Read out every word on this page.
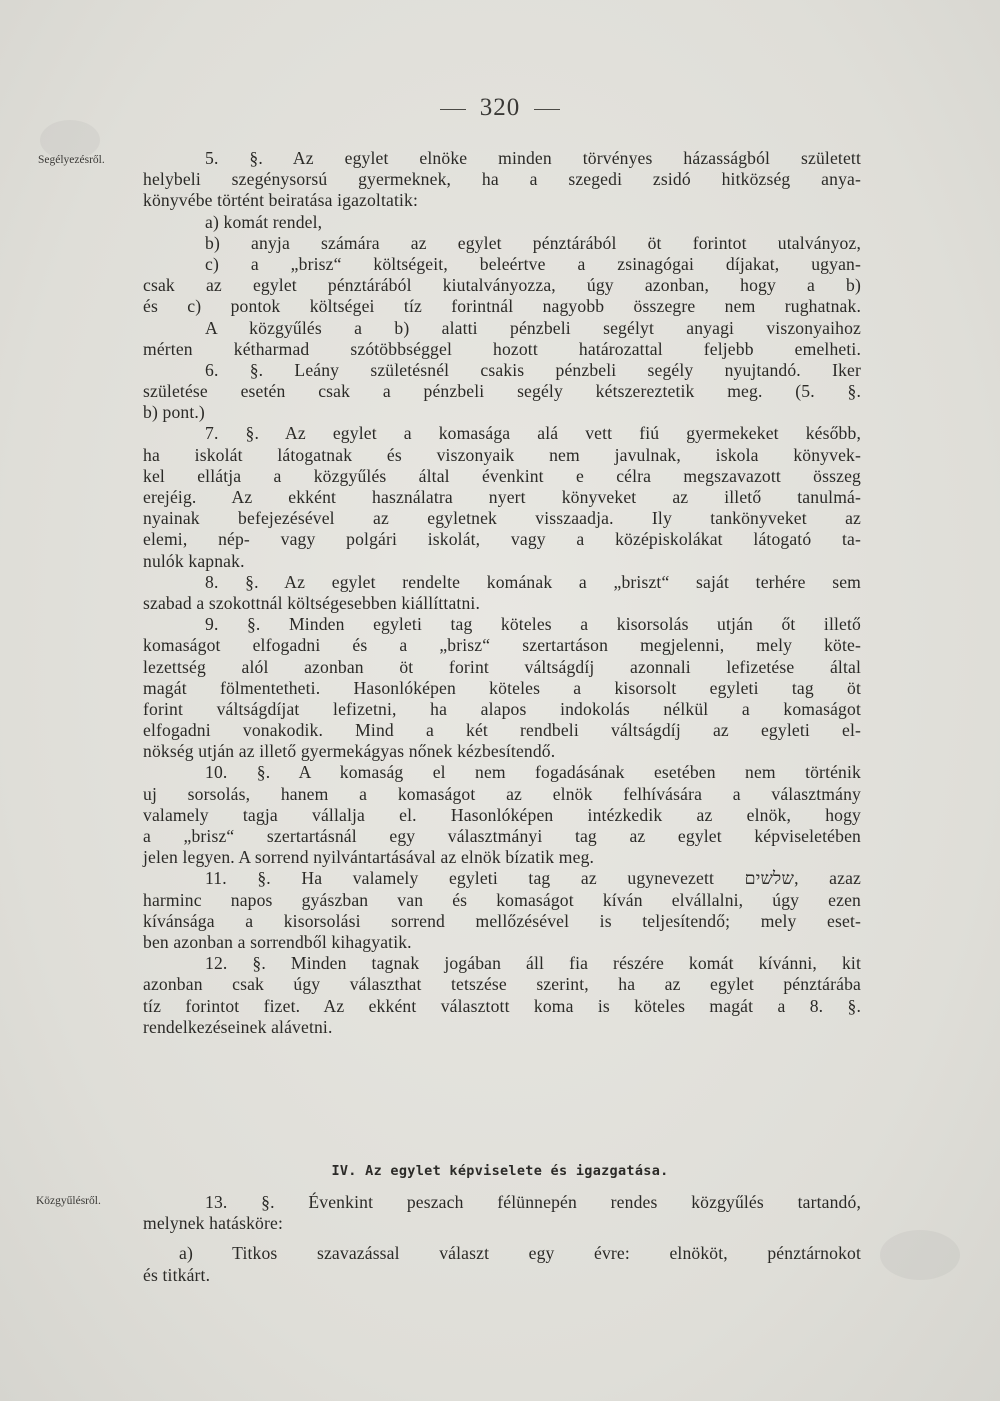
320
Segélyezésről.
Közgyűlésről.
5. §. Az egylet elnöke minden törvényes házasságból született
helybeli szegénysorsú gyermeknek, ha a szegedi zsidó hitközség anya-
könyvébe történt beiratása igazoltatik:
a) komát rendel,
b) anyja számára az egylet pénztárából öt forintot utalványoz,
c) a „brisz“ költségeit, beleértve a zsinagógai díjakat, ugyan-
csak az egylet pénztárából kiutalványozza, úgy azonban, hogy a b)
és c) pontok költségei tíz forintnál nagyobb összegre nem rughatnak.
A közgyűlés a b) alatti pénzbeli segélyt anyagi viszonyaihoz
mérten kétharmad szótöbbséggel hozott határozattal feljebb emelheti.
6. §. Leány születésnél csakis pénzbeli segély nyujtandó. Iker
születése esetén csak a pénzbeli segély kétszereztetik meg. (5. §.
b) pont.)
7. §. Az egylet a komasága alá vett fiú gyermekeket később,
ha iskolát látogatnak és viszonyaik nem javulnak, iskola könyvek-
kel ellátja a közgyűlés által évenkint e célra megszavazott összeg
erejéig. Az ekként használatra nyert könyveket az illető tanulmá-
nyainak befejezésével az egyletnek visszaadja. Ily tankönyveket az
elemi, nép- vagy polgári iskolát, vagy a középiskolákat látogató ta-
nulók kapnak.
8. §. Az egylet rendelte komának a „briszt“ saját terhére sem
szabad a szokottnál költségesebben kiállíttatni.
9. §. Minden egyleti tag köteles a kisorsolás utján őt illető
komaságot elfogadni és a „brisz“ szertartáson megjelenni, mely köte-
lezettség alól azonban öt forint váltságdíj azonnali lefizetése által
magát fölmentetheti. Hasonlóképen köteles a kisorsolt egyleti tag öt
forint váltságdíjat lefizetni, ha alapos indokolás nélkül a komaságot
elfogadni vonakodik. Mind a két rendbeli váltságdíj az egyleti el-
nökség utján az illető gyermekágyas nőnek kézbesítendő.
10. §. A komaság el nem fogadásának esetében nem történik
uj sorsolás, hanem a komaságot az elnök felhívására a választmány
valamely tagja vállalja el. Hasonlóképen intézkedik az elnök, hogy
a „brisz“ szertartásnál egy választmányi tag az egylet képviseletében
jelen legyen. A sorrend nyilvántartásával az elnök bízatik meg.
11. §. Ha valamely egyleti tag az ugynevezett שלשים, azaz
harminc napos gyászban van és komaságot kíván elvállalni, úgy ezen
kívánsága a kisorsolási sorrend mellőzésével is teljesítendő; mely eset-
ben azonban a sorrendből kihagyatik.
12. §. Minden tagnak jogában áll fia részére komát kívánni, kit
azonban csak úgy választhat tetszése szerint, ha az egylet pénztárába
tíz forintot fizet. Az ekként választott koma is köteles magát a 8. §.
rendelkezéseinek alávetni.
IV. Az egylet képviselete és igazgatása.
13. §. Évenkint peszach félünnepén rendes közgyűlés tartandó,
melynek hatásköre:
a) Titkos szavazással választ egy évre: elnököt, pénztárnokot
és titkárt.
